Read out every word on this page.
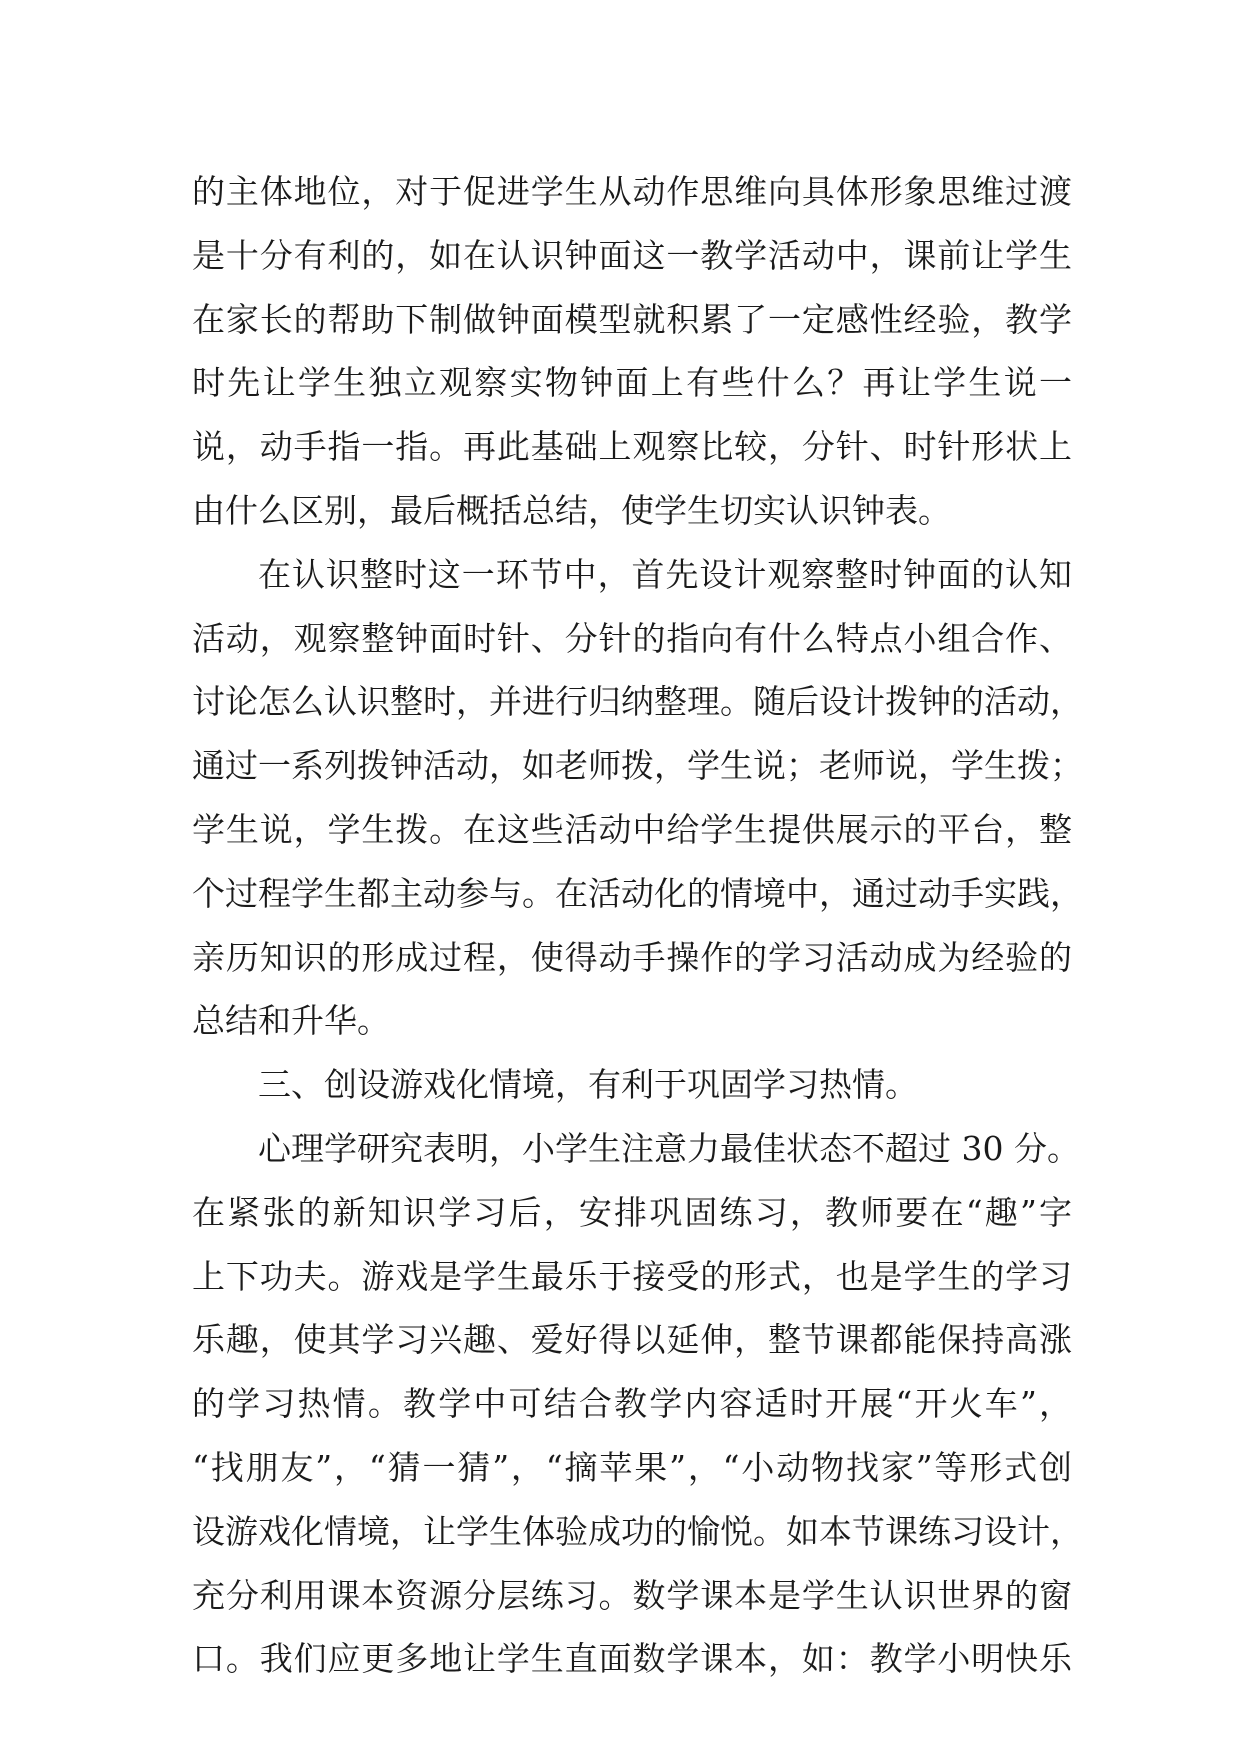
的主体地位，对于促进学生从动作思维向具体形象思维过渡
是十分有利的，如在认识钟面这一教学活动中，课前让学生
在家长的帮助下制做钟面模型就积累了一定感性经验，教学
时先让学生独立观察实物钟面上有些什么？再让学生说一
说，动手指一指。再此基础上观察比较，分针、时针形状上
由什么区别，最后概括总结，使学生切实认识钟表。
在认识整时这一环节中，首先设计观察整时钟面的认知
活动，观察整钟面时针、分针的指向有什么特点小组合作、
讨论怎么认识整时，并进行归纳整理。随后设计拨钟的活动，
通过一系列拨钟活动，如老师拨，学生说；老师说，学生拨；
学生说，学生拨。在这些活动中给学生提供展示的平台，整
个过程学生都主动参与。在活动化的情境中，通过动手实践，
亲历知识的形成过程，使得动手操作的学习活动成为经验的
总结和升华。
三、创设游戏化情境，有利于巩固学习热情。
心理学研究表明，小学生注意力最佳状态不超过 30 分。
在紧张的新知识学习后，安排巩固练习，教师要在“趣”字
上下功夫。游戏是学生最乐于接受的形式，也是学生的学习
乐趣，使其学习兴趣、爱好得以延伸，整节课都能保持高涨
的学习热情。教学中可结合教学内容适时开展“开火车”，
“找朋友”，“猜一猜”，“摘苹果”，“小动物找家”等形式创
设游戏化情境，让学生体验成功的愉悦。如本节课练习设计，
充分利用课本资源分层练习。数学课本是学生认识世界的窗
口。我们应更多地让学生直面数学课本，如：教学小明快乐
